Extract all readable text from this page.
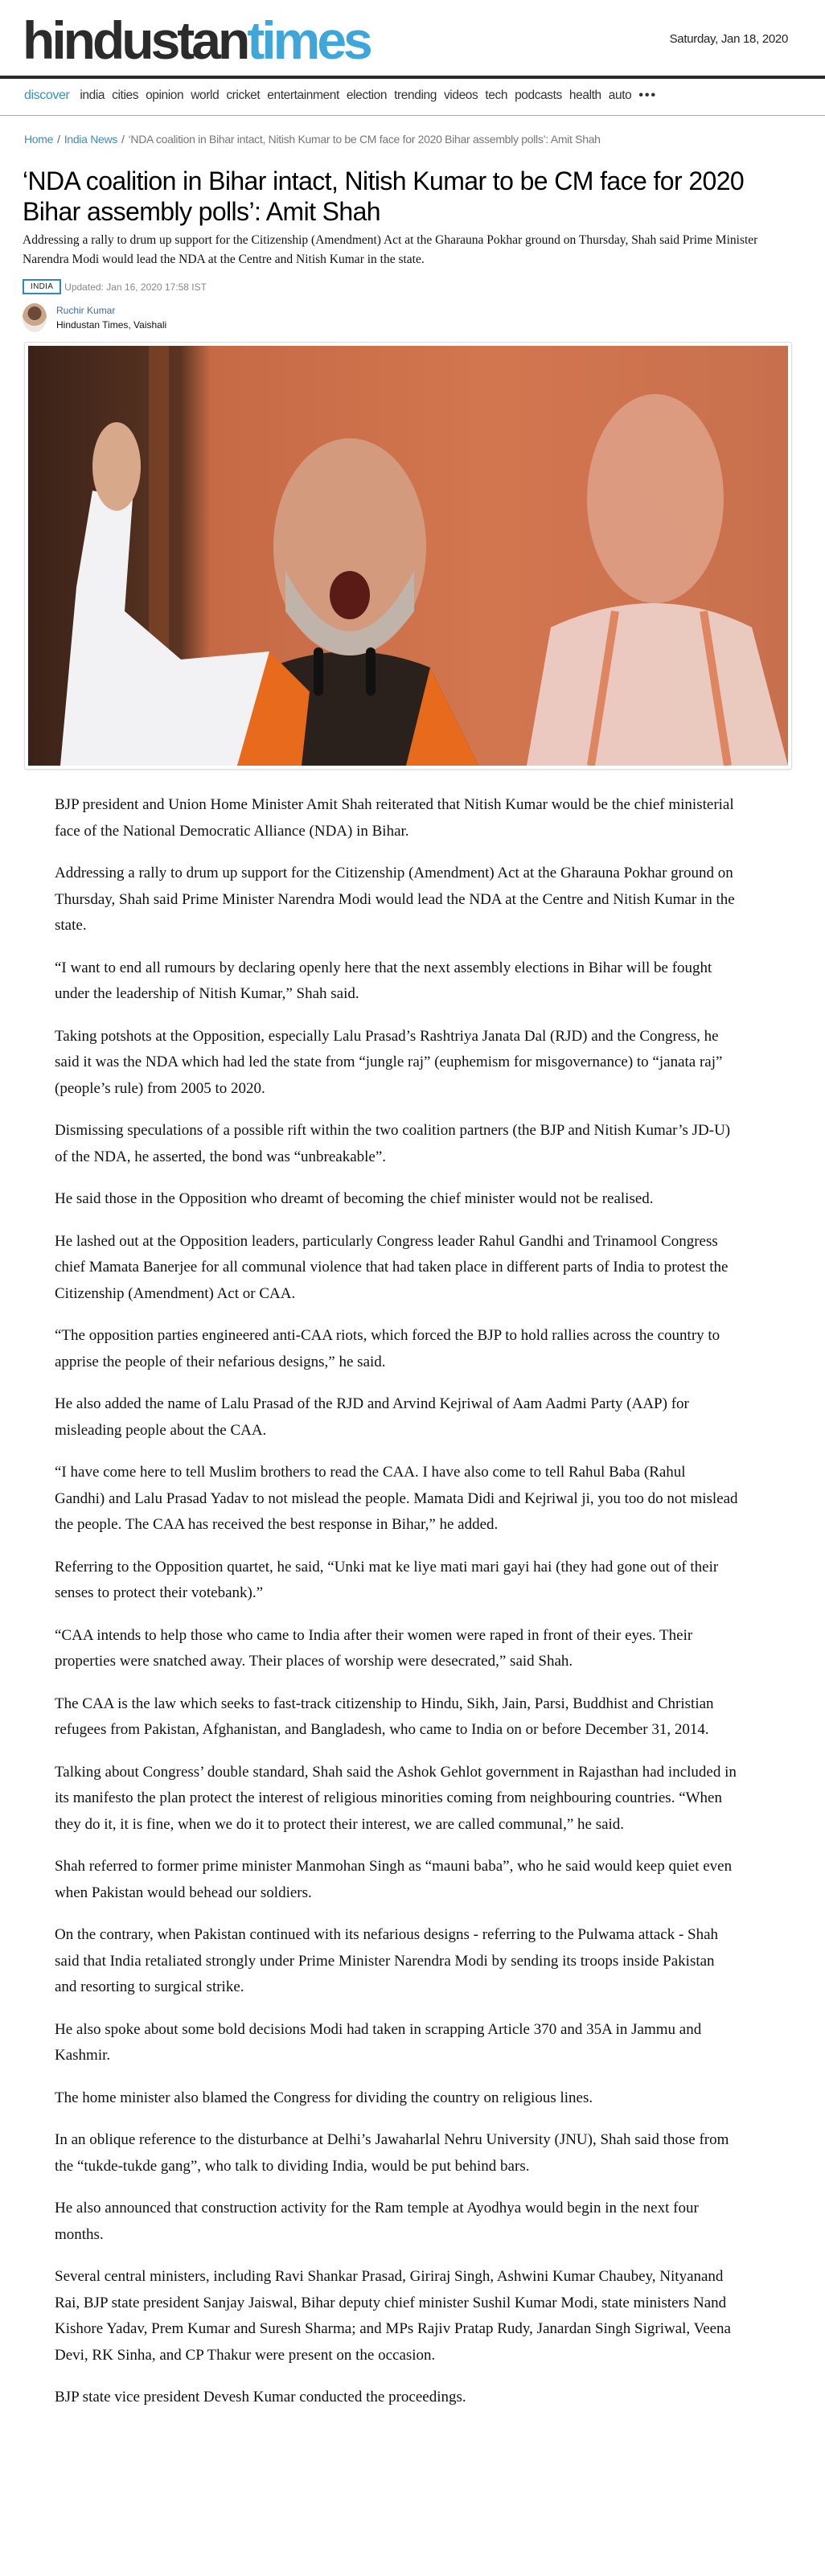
hindustantimes	Saturday, Jan 18, 2020
discover india cities opinion world cricket entertainment election trending videos tech podcasts health auto •••
Home / India News / ‘NDA coalition in Bihar intact, Nitish Kumar to be CM face for 2020 Bihar assembly polls’: Amit Shah
‘NDA coalition in Bihar intact, Nitish Kumar to be CM face for 2020 Bihar assembly polls’: Amit Shah
Addressing a rally to drum up support for the Citizenship (Amendment) Act at the Gharauna Pokhar ground on Thursday, Shah said Prime Minister Narendra Modi would lead the NDA at the Centre and Nitish Kumar in the state.
INDIA	Updated: Jan 16, 2020 17:58 IST
Ruchir Kumar
Hindustan Times, Vaishali

BJP president and Union Home Minister Amit Shah reiterated that Nitish Kumar would be the chief ministerial face of the National Democratic Alliance (NDA) in Bihar.

Addressing a rally to drum up support for the Citizenship (Amendment) Act at the Gharauna Pokhar ground on Thursday, Shah said Prime Minister Narendra Modi would lead the NDA at the Centre and Nitish Kumar in the state.

“I want to end all rumours by declaring openly here that the next assembly elections in Bihar will be fought under the leadership of Nitish Kumar,” Shah said.

Taking potshots at the Opposition, especially Lalu Prasad’s Rashtriya Janata Dal (RJD) and the Congress, he said it was the NDA which had led the state from “jungle raj” (euphemism for misgovernance) to “janata raj” (people’s rule) from 2005 to 2020.

Dismissing speculations of a possible rift within the two coalition partners (the BJP and Nitish Kumar’s JD-U) of the NDA, he asserted, the bond was “unbreakable”.

He said those in the Opposition who dreamt of becoming the chief minister would not be realised.

He lashed out at the Opposition leaders, particularly Congress leader Rahul Gandhi and Trinamool Congress chief Mamata Banerjee for all communal violence that had taken place in different parts of India to protest the Citizenship (Amendment) Act or CAA.

“The opposition parties engineered anti-CAA riots, which forced the BJP to hold rallies across the country to apprise the people of their nefarious designs,” he said.

He also added the name of Lalu Prasad of the RJD and Arvind Kejriwal of Aam Aadmi Party (AAP) for misleading people about the CAA.

“I have come here to tell Muslim brothers to read the CAA. I have also come to tell Rahul Baba (Rahul Gandhi) and Lalu Prasad Yadav to not mislead the people. Mamata Didi and Kejriwal ji, you too do not mislead the people. The CAA has received the best response in Bihar,” he added.

Referring to the Opposition quartet, he said, “Unki mat ke liye mati mari gayi hai (they had gone out of their senses to protect their votebank).”

“CAA intends to help those who came to India after their women were raped in front of their eyes. Their properties were snatched away. Their places of worship were desecrated,” said Shah.

The CAA is the law which seeks to fast-track citizenship to Hindu, Sikh, Jain, Parsi, Buddhist and Christian refugees from Pakistan, Afghanistan, and Bangladesh, who came to India on or before December 31, 2014.

Talking about Congress’ double standard, Shah said the Ashok Gehlot government in Rajasthan had included in its manifesto the plan protect the interest of religious minorities coming from neighbouring countries. “When they do it, it is fine, when we do it to protect their interest, we are called communal,” he said.

Shah referred to former prime minister Manmohan Singh as “mauni baba”, who he said would keep quiet even when Pakistan would behead our soldiers.

On the contrary, when Pakistan continued with its nefarious designs - referring to the Pulwama attack - Shah said that India retaliated strongly under Prime Minister Narendra Modi by sending its troops inside Pakistan and resorting to surgical strike.

He also spoke about some bold decisions Modi had taken in scrapping Article 370 and 35A in Jammu and Kashmir.

The home minister also blamed the Congress for dividing the country on religious lines.

In an oblique reference to the disturbance at Delhi’s Jawaharlal Nehru University (JNU), Shah said those from the “tukde-tukde gang”, who talk to dividing India, would be put behind bars.

He also announced that construction activity for the Ram temple at Ayodhya would begin in the next four months.

Several central ministers, including Ravi Shankar Prasad, Giriraj Singh, Ashwini Kumar Chaubey, Nityanand Rai, BJP state president Sanjay Jaiswal, Bihar deputy chief minister Sushil Kumar Modi, state ministers Nand Kishore Yadav, Prem Kumar and Suresh Sharma; and MPs Rajiv Pratap Rudy, Janardan Singh Sigriwal, Veena Devi, RK Sinha, and CP Thakur were present on the occasion.

BJP state vice president Devesh Kumar conducted the proceedings.
